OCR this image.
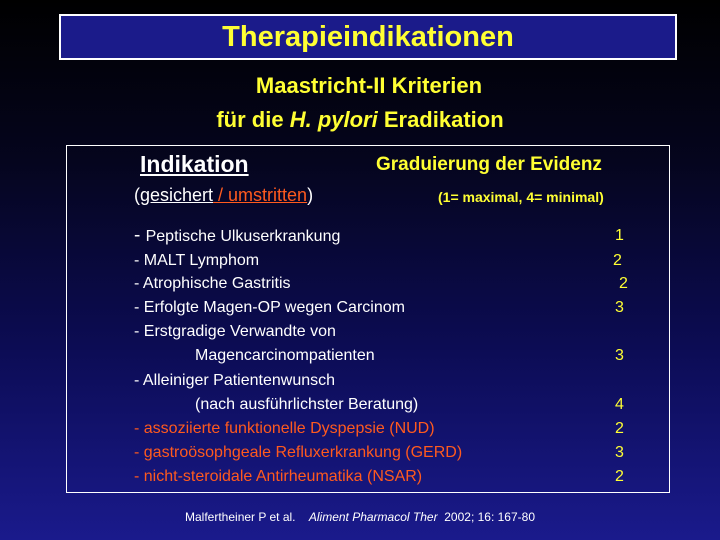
Therapieindikationen
Maastricht-II Kriterien
für die H. pylori Eradikation
Indikation	Graduierung der Evidenz
(gesichert / umstritten)	(1= maximal, 4= minimal)
- Peptische Ulkuserkrankung	1
- MALT Lymphom	2
- Atrophische Gastritis	2
- Erfolgte Magen-OP wegen Carcinom	3
- Erstgradige Verwandte von
Magencarcinompatienten	3
- Alleiniger Patientenwunsch
(nach ausführlichster Beratung)	4
- assoziierte funktionelle Dyspepsie (NUD)	2
- gastroösophgeale Refluxerkrankung (GERD)	3
- nicht-steroidale Antirheumatika (NSAR)	2
Malfertheiner P et al. Aliment Pharmacol Ther 2002; 16: 167-80
